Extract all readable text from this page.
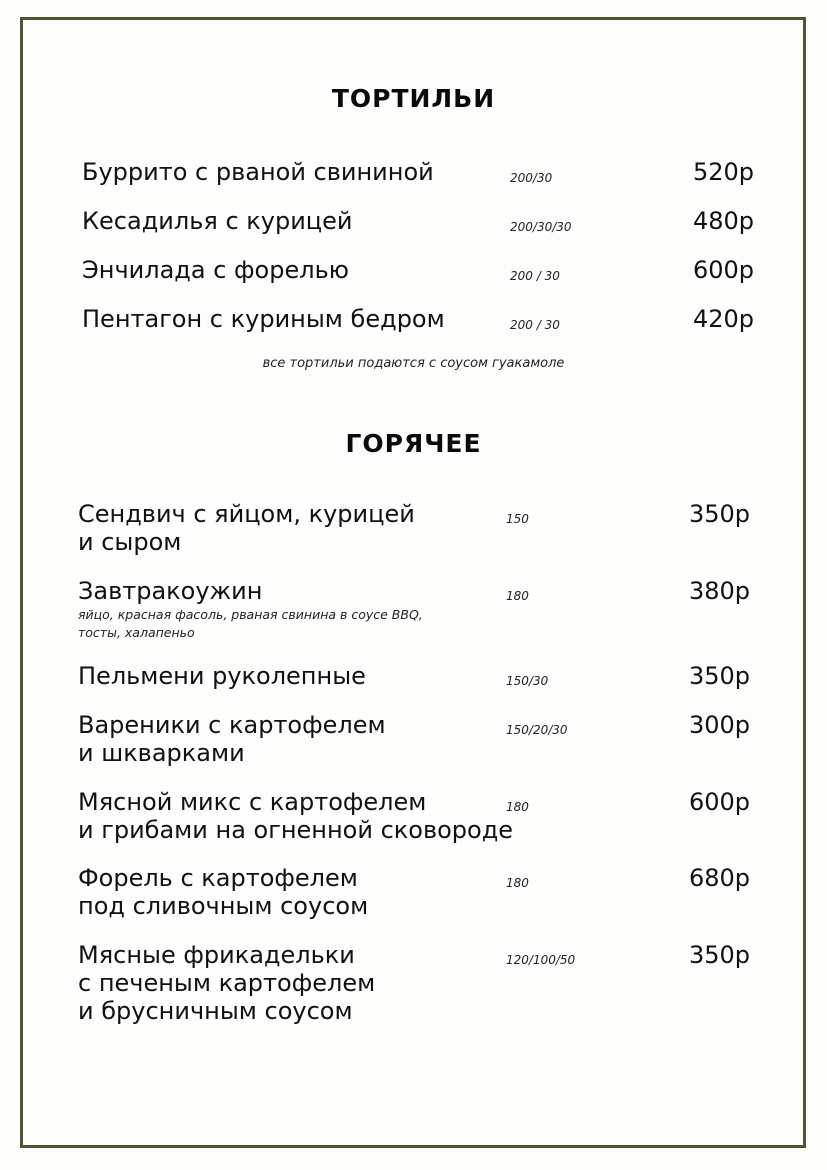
ТОРТИЛЬИ
Буррито с рваной свининой	200/30	520р
Кесадилья с курицей	200/30/30	480р
Энчилада с форелью	200 / 30	600р
Пентагон с куриным бедром	200 / 30	420р
все тортильи подаются с соусом гуакамоле
ГОРЯЧЕЕ
Сендвич с яйцом, курицей
и сыром
150	350р
Завтракоужин
яйцо, красная фасоль, рваная свинина в соусе BBQ,
тосты, халапеньо
180	380р
Пельмени руколепные	150/30	350р
Вареники с картофелем
и шкварками
150/20/30	300р
Мясной микс с картофелем
и грибами на огненной сковороде
180	600р
Форель с картофелем
под сливочным соусом
180	680р
Мясные фрикадельки
с печеным картофелем
и брусничным соусом
120/100/50	350р
